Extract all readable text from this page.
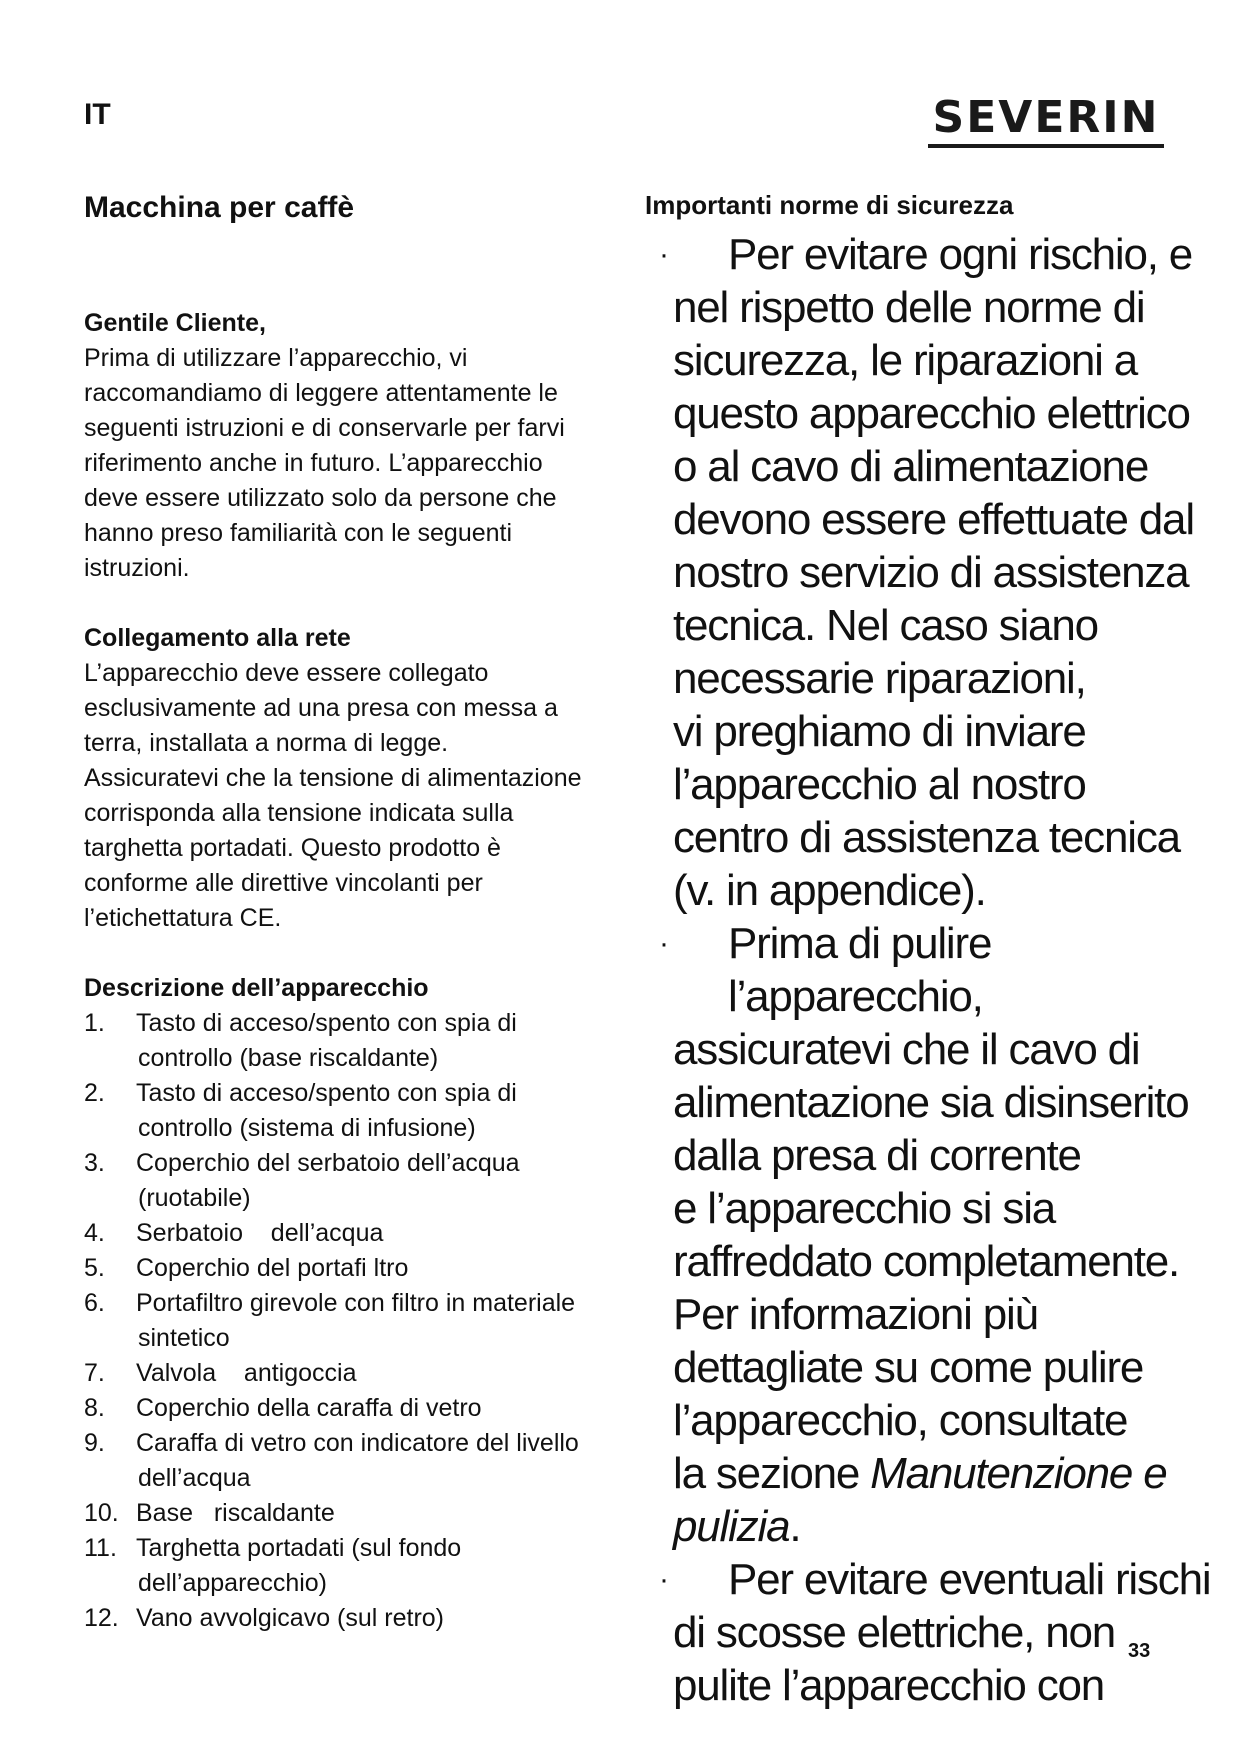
IT	SEVERIN
Macchina per caffè
Gentile Cliente,
Prima di utilizzare l’apparecchio, vi
raccomandiamo di leggere attentamente le
seguenti istruzioni e di conservarle per farvi
riferimento anche in futuro. L’apparecchio
deve essere utilizzato solo da persone che
hanno preso familiarità con le seguenti
istruzioni.
Collegamento alla rete
L’apparecchio deve essere collegato
esclusivamente ad una presa con messa a
terra, installata a norma di legge.
Assicuratevi che la tensione di alimentazione
corrisponda alla tensione indicata sulla
targhetta portadati. Questo prodotto è
conforme alle direttive vincolanti per
l’etichettatura CE.
Descrizione dell’apparecchio
1. Tasto di acceso/spento con spia di
controllo (base riscaldante)
2. Tasto di acceso/spento con spia di
controllo (sistema di infusione)
3. Coperchio del serbatoio dell’acqua
(ruotabile)
4. Serbatoio    dell’acqua
5. Coperchio del portafi ltro
6. Portafiltro girevole con filtro in materiale
sintetico
7. Valvola    antigoccia
8. Coperchio della caraffa di vetro
9. Caraffa di vetro con indicatore del livello
dell’acqua
10. Base   riscaldante
11. Targhetta portadati (sul fondo
dell’apparecchio)
12. Vano avvolgicavo (sul retro)
Importanti norme di sicurezza
·	Per evitare ogni rischio, e
nel rispetto delle norme di
sicurezza, le riparazioni a
questo apparecchio elettrico
o al cavo di alimentazione
devono essere effettuate dal
nostro servizio di assistenza
tecnica. Nel caso siano
necessarie riparazioni,
vi preghiamo di inviare
l’apparecchio al nostro
centro di assistenza tecnica
(v. in appendice).
·	Prima di pulire l’apparecchio,
assicuratevi che il cavo di
alimentazione sia disinserito
dalla presa di corrente
e l’apparecchio si sia
raffreddato completamente.
Per informazioni più
dettagliate su come pulire
l’apparecchio, consultate
la sezione Manutenzione e
pulizia.
·	Per evitare eventuali rischi
di scosse elettriche, non
pulite l’apparecchio con
33
